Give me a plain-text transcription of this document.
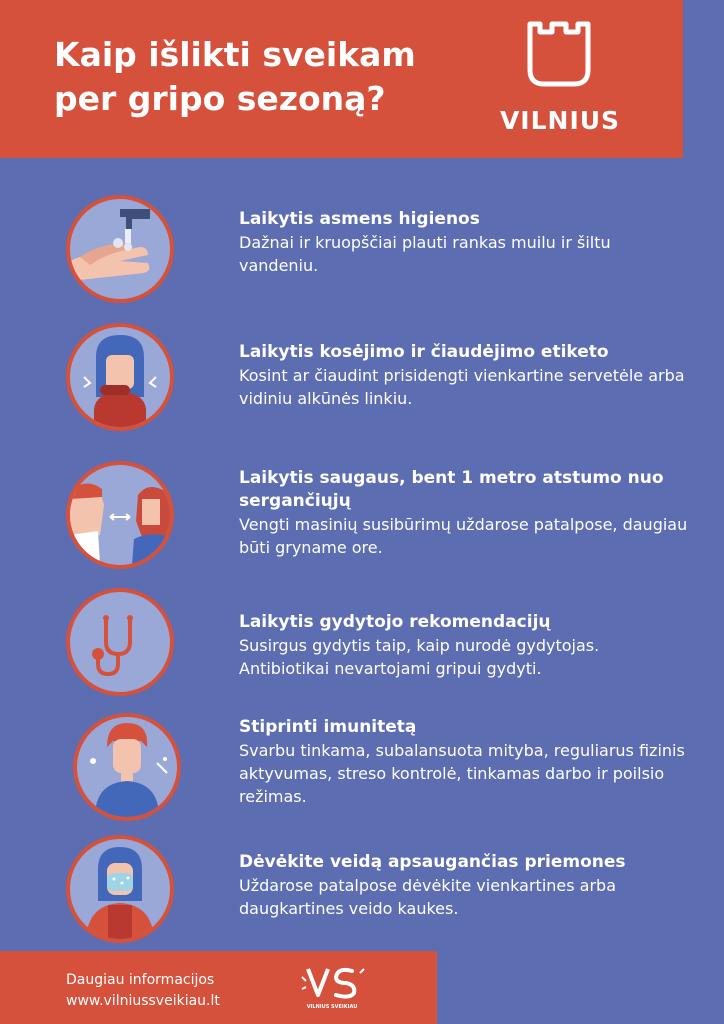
Kaip išlikti sveikam
per gripo sezoną?
VILNIUS

Laikytis asmens higienos

Dažnai ir kruopščiai plauti rankas muilu ir šiltu vandeniu.

Laikytis kosėjimo ir čiaudėjimo etiketo

Kosint ar čiaudint prisidengti vienkartine servetėle arba vidiniu alkūnės linkiu.

Laikytis saugaus, bent 1 metro atstumo nuo sergančiųjų

Vengti masinių susibūrimų uždarose patalpose, daugiau būti gryname ore.

Laikytis gydytojo rekomendacijų

Susirgus gydytis taip, kaip nurodė gydytojas. Antibiotikai nevartojami gripui gydyti.

Stiprinti imunitetą

Svarbu tinkama, subalansuota mityba, reguliarus fizinis aktyvumas, streso kontrolė, tinkamas darbo ir poilsio režimas.

Dėvėkite veidą apsaugančias priemones

Uždarose patalpose dėvėkite vienkartines arba daugkartines veido kaukes.

Daugiau informacijos
www.vilniussveikiau.lt	VILNIUS SVEIKIAU
